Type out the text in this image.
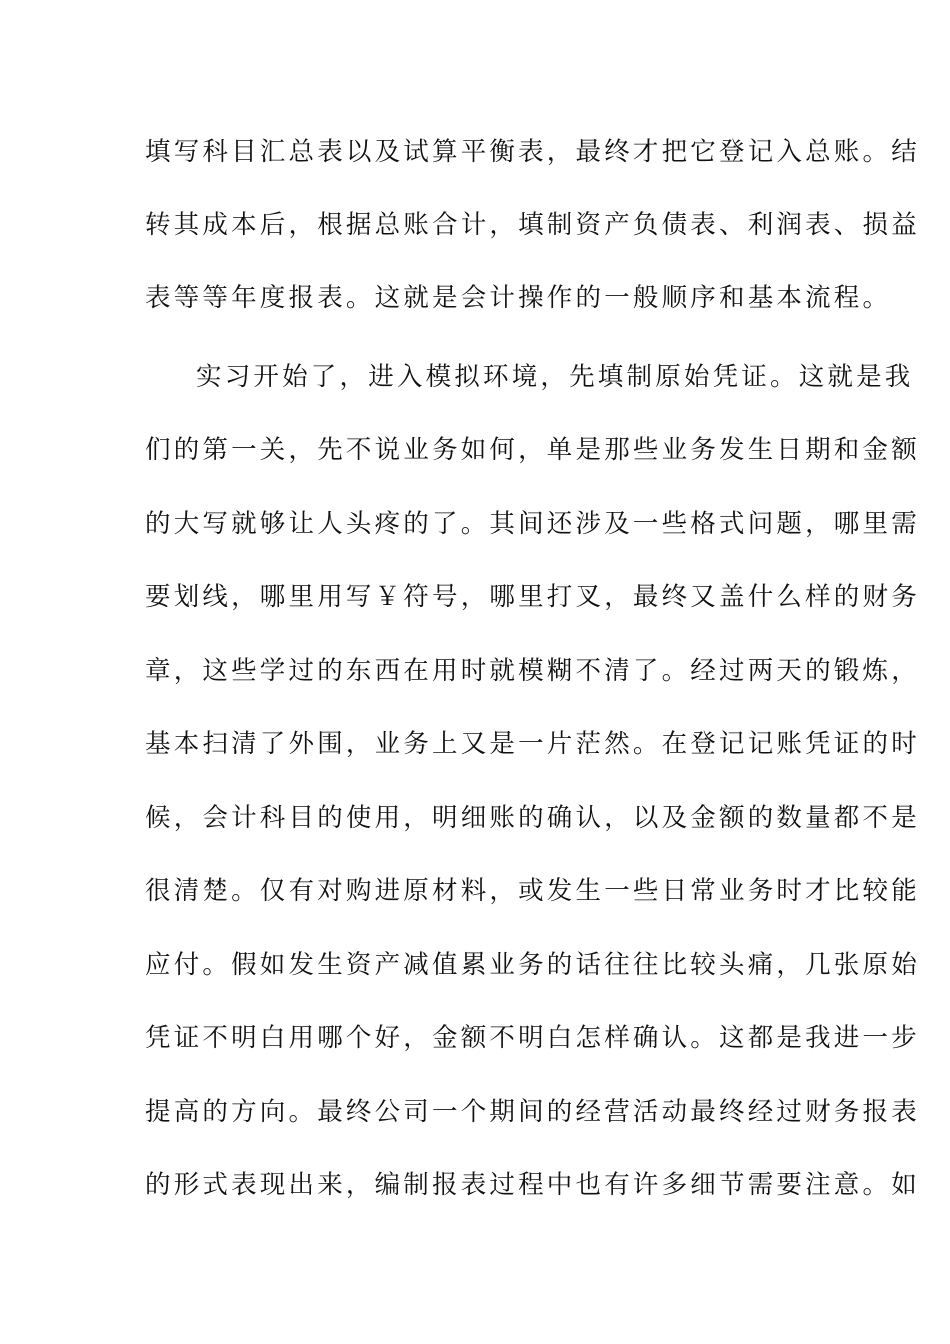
填写科目汇总表以及试算平衡表，最终才把它登记入总账。结
转其成本后，根据总账合计，填制资产负债表、利润表、损益
表等等年度报表。这就是会计操作的一般顺序和基本流程。
实习开始了，进入模拟环境，先填制原始凭证。这就是我
们的第一关，先不说业务如何，单是那些业务发生日期和金额
的大写就够让人头疼的了。其间还涉及一些格式问题，哪里需
要划线，哪里用写￥符号，哪里打叉，最终又盖什么样的财务
章，这些学过的东西在用时就模糊不清了。经过两天的锻炼，
基本扫清了外围，业务上又是一片茫然。在登记记账凭证的时
候，会计科目的使用，明细账的确认，以及金额的数量都不是
很清楚。仅有对购进原材料，或发生一些日常业务时才比较能
应付。假如发生资产减值累业务的话往往比较头痛，几张原始
凭证不明白用哪个好，金额不明白怎样确认。这都是我进一步
提高的方向。最终公司一个期间的经营活动最终经过财务报表
的形式表现出来，编制报表过程中也有许多细节需要注意。如
